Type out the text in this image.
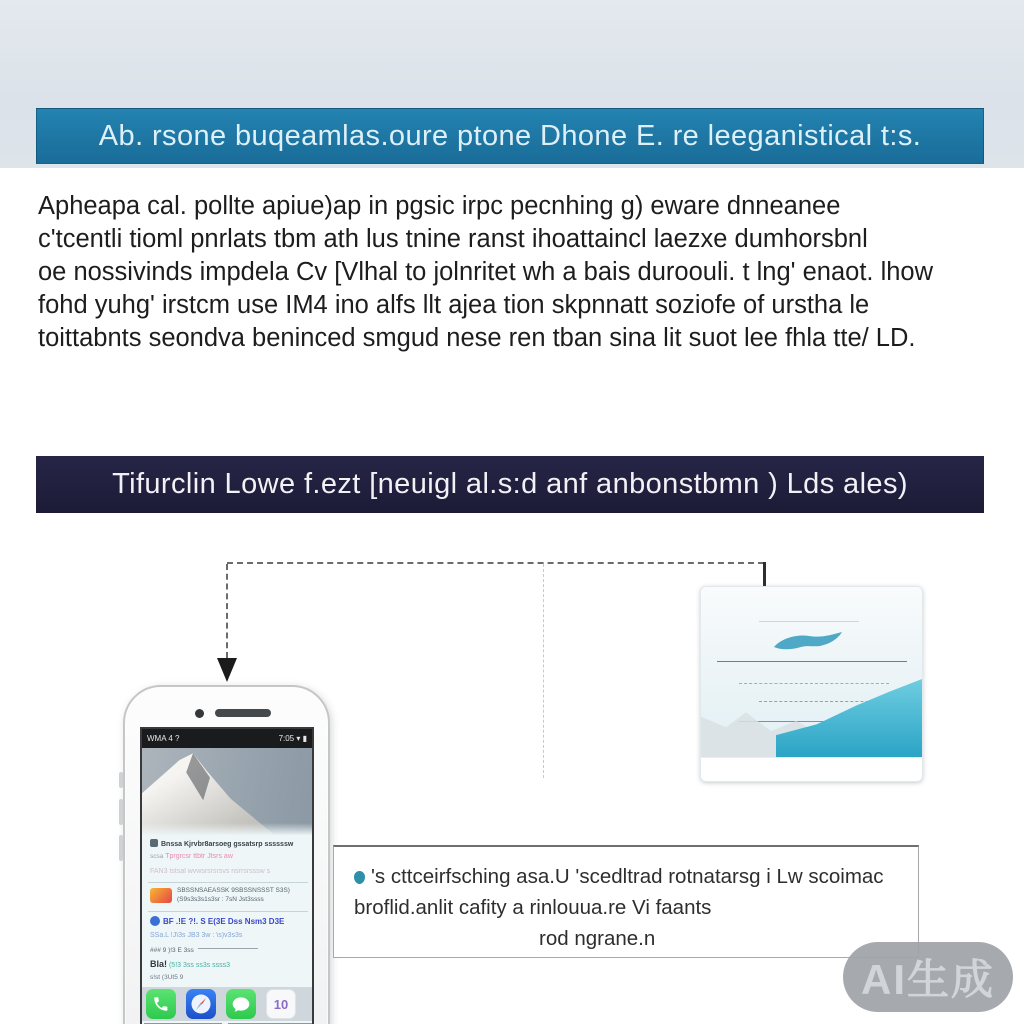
Ab. rsone buqeamlas.oure ptone Dhone E. re leeganistical t:s.

Apheapa cal. pollte apiue)ap in pgsic irpc pecnhing g) eware dnneanee

c'tcentli tioml pnrlats tbm ath lus tnine ranst ihoattaincl laezxe dumhorsbnl

oe nossivinds impdela Cv [Vlhal to jolnritet wh a bais duroouli. t lng' enaot. lhow

fohd yuhg' irstcm use IM4 ino alfs llt ajea tion skpnnatt soziofe of urstha le

toittabnts seondva beninced smgud nese ren tban sina lit suot lee fhla tte/ LD.

Tifurclin Lowe f.ezt [neuigl al.s:d anf anbonstbmn ) Lds ales)
WMA 4 ?	7:05 ▾ ▮
Bnssa Kjrvbr8arsoeg gssatsrp ssssssw
scsa Tprgrcsr ttbtr Jtsrs aw
FAN3 tstsal wvwsrsrsrsvs nsrrsrsssw s
SBSSNSAEASSK 9SBSSNSSST S3S)
(S9s3s3s1s3sr : 7sN Jst3ssss
BF .!E ?!. S E(3E Dss Nsm3 D3E
SSa.L !J\3s JB3 3w : \s)v3s3s
### 9 )!3 E 3ss
Bla! (5!3 3ss ss3s ssss3
s!st (3Ut5 9
10

's cttceirfsching asa.U 'scedltrad rotnatarsg i Lw scoimac

broflid.anlit cafity a rinlouua.re Vi faants

rod ngrane.n

AI生成
